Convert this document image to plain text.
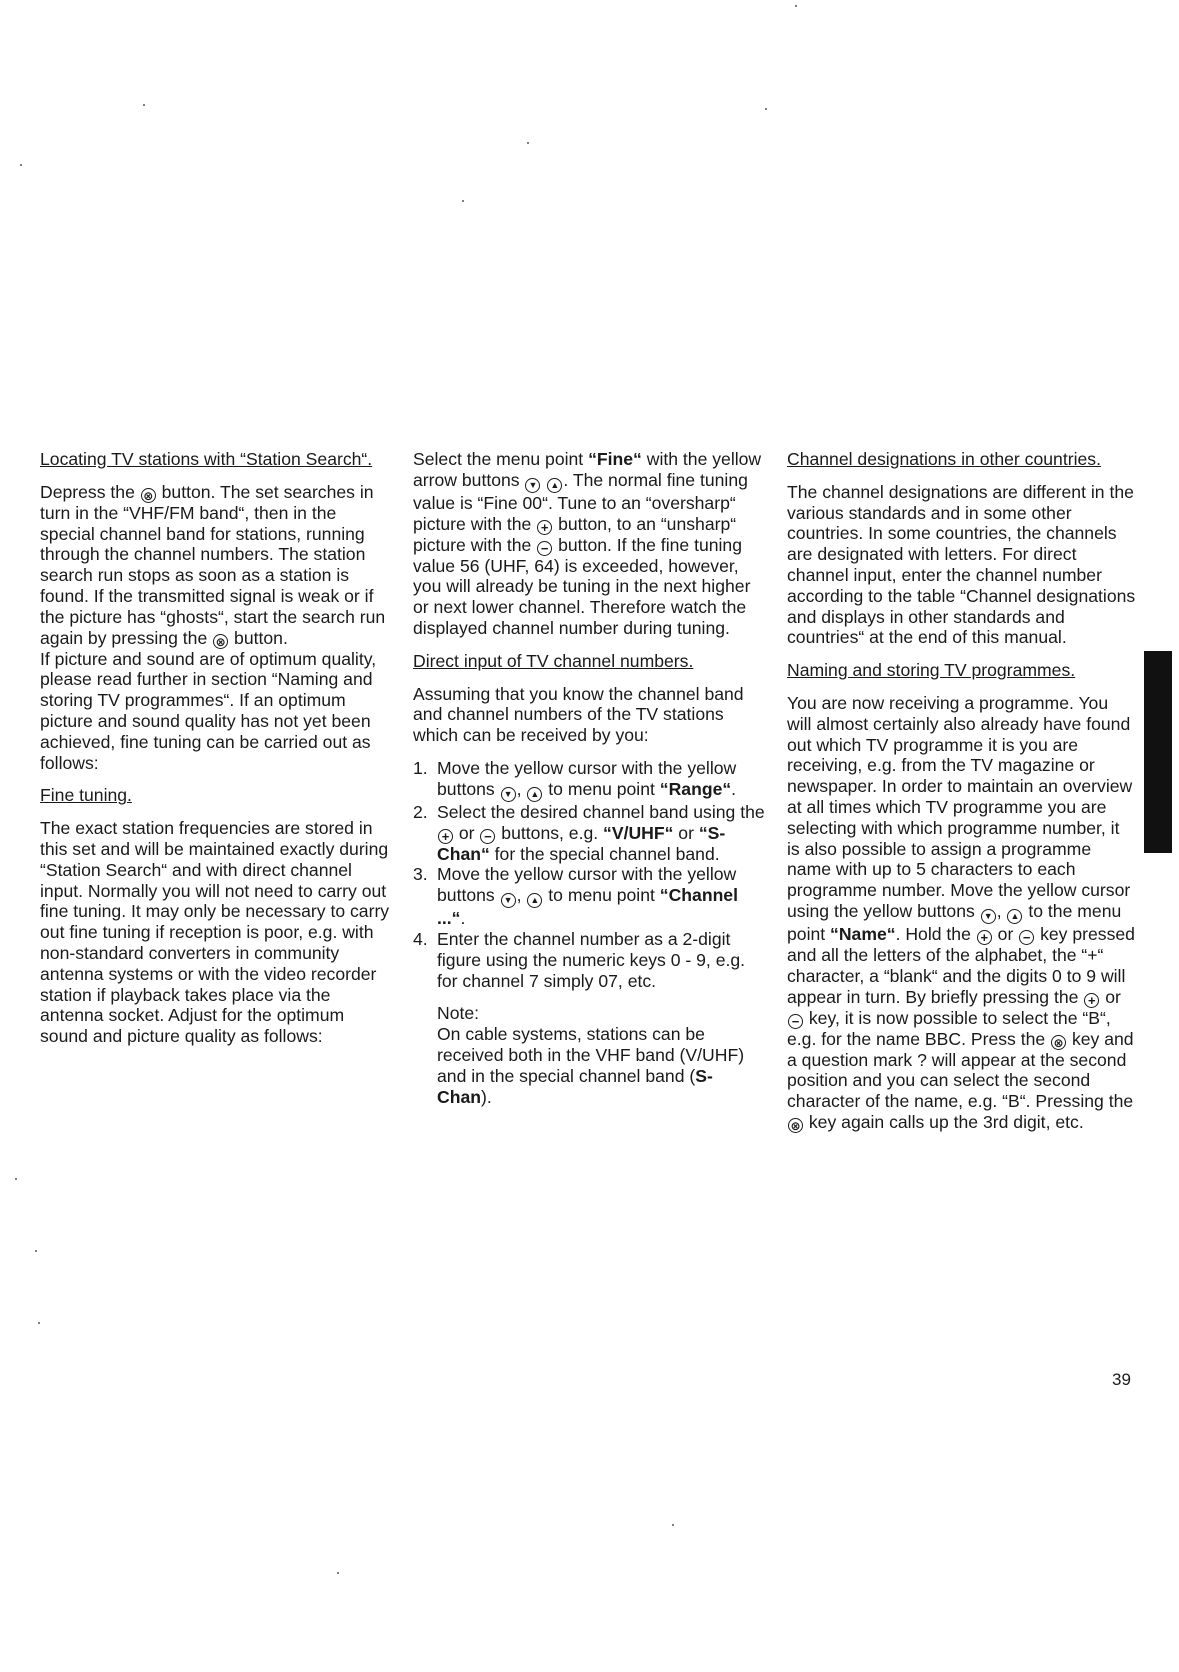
Locating TV stations with “Station Search“.

Depress the ⊗ button. The set searches in turn in the “VHF/FM band“, then in the special channel band for stations, running through the channel numbers. The station search run stops as soon as a station is found. If the transmitted signal is weak or if the picture has “ghosts“, start the search run again by pressing the ⊗ button.

If picture and sound are of optimum quality, please read further in section “Naming and storing TV programmes“. If an optimum picture and sound quality has not yet been achieved, fine tuning can be carried out as follows:

Fine tuning.

The exact station frequencies are stored in this set and will be maintained exactly during “Station Search“ and with direct channel input. Normally you will not need to carry out fine tuning. It may only be necessary to carry out fine tuning if reception is poor, e.g. with non-standard converters in community antenna systems or with the video recorder station if playback takes place via the antenna socket. Adjust for the optimum sound and picture quality as follows:

Select the menu point “Fine“ with the yellow arrow buttons ▼ ▲ . The normal fine tuning value is “Fine 00“. Tune to an “oversharp“ picture with the + button, to an “unsharp“ picture with the − button. If the fine tuning value 56 (UHF, 64) is exceeded, however, you will already be tuning in the next higher or next lower channel. Therefore watch the displayed channel number during tuning.

Direct input of TV channel numbers.

Assuming that you know the channel band and channel numbers of the TV stations which can be received by you:

1. Move the yellow cursor with the yellow buttons ▼ , ▲ to menu point “Range“.
2. Select the desired channel band using the + or − buttons, e.g. “V/UHF“ or “S-Chan“ for the special channel band.
3. Move the yellow cursor with the yellow buttons ▼ , ▲ to menu point “Channel ...“.
4. Enter the channel number as a 2-digit figure using the numeric keys 0 - 9, e.g. for channel 7 simply 07, etc.
Note:
On cable systems, stations can be received both in the VHF band (V/UHF) and in the special channel band (S-Chan).

Channel designations in other countries.

The channel designations are different in the various standards and in some other countries. In some countries, the channels are designated with letters. For direct channel input, enter the channel number according to the table “Channel designations and displays in other standards and countries“ at the end of this manual.

Naming and storing TV programmes.

You are now receiving a programme. You will almost certainly also already have found out which TV programme it is you are receiving, e.g. from the TV magazine or newspaper. In order to maintain an overview at all times which TV programme you are selecting with which programme number, it is also possible to assign a programme name with up to 5 characters to each programme number. Move the yellow cursor using the yellow buttons ▼ , ▲ to the menu point “Name“. Hold the + or − key pressed and all the letters of the alphabet, the “+“ character, a “blank“ and the digits 0 to 9 will appear in turn. By briefly pressing the + or − key, it is now possible to select the “B“, e.g. for the name BBC. Press the ⊗ key and a question mark ? will appear at the second position and you can select the second character of the name, e.g. “B“. Pressing the ⊗ key again calls up the 3rd digit, etc.

39
